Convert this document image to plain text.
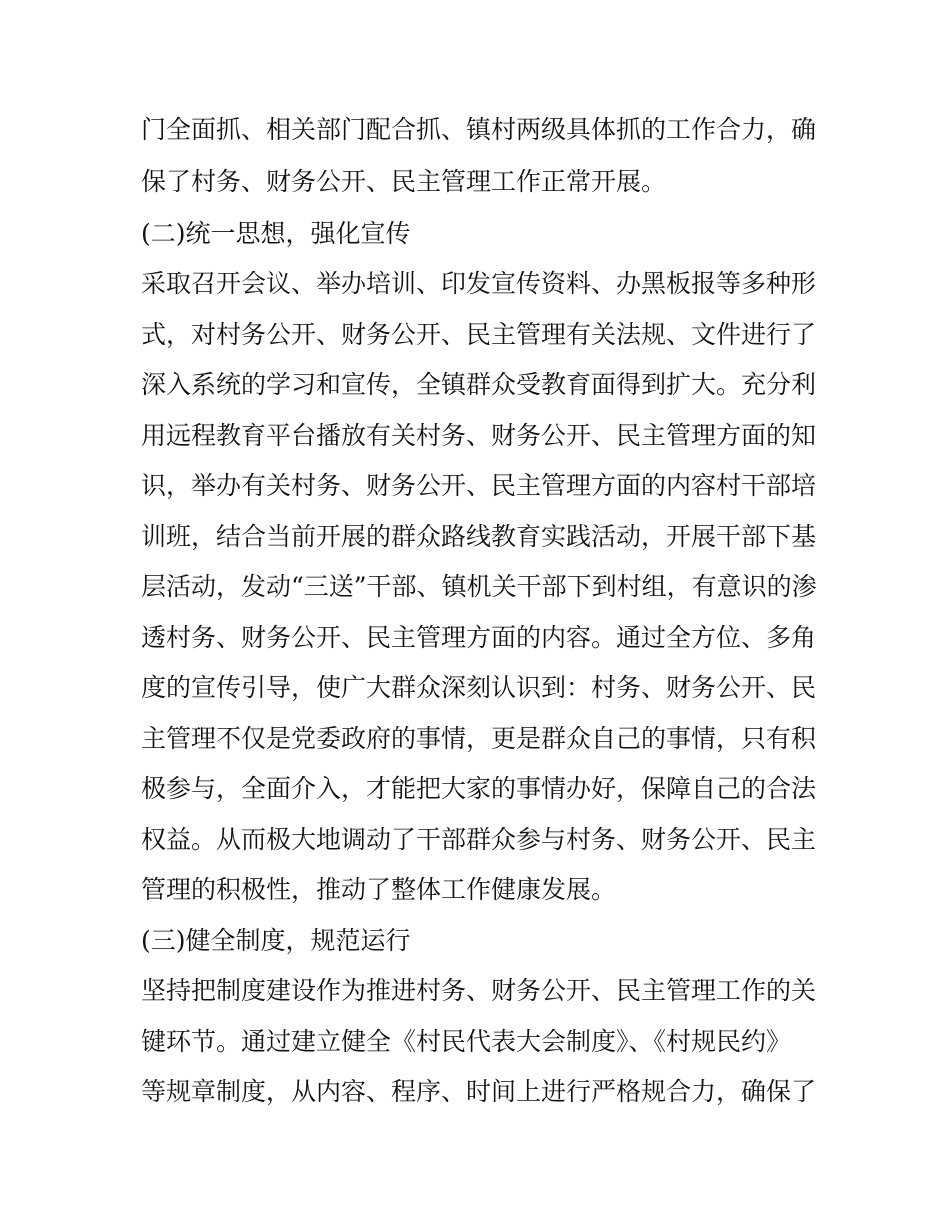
门全面抓、相关部门配合抓、镇村两级具体抓的工作合力，确
保了村务、财务公开、民主管理工作正常开展。
(二)统一思想，强化宣传
采取召开会议、举办培训、印发宣传资料、办黑板报等多种形
式，对村务公开、财务公开、民主管理有关法规、文件进行了
深入系统的学习和宣传，全镇群众受教育面得到扩大。充分利
用远程教育平台播放有关村务、财务公开、民主管理方面的知
识，举办有关村务、财务公开、民主管理方面的内容村干部培
训班，结合当前开展的群众路线教育实践活动，开展干部下基
层活动，发动“三送”干部、镇机关干部下到村组，有意识的渗
透村务、财务公开、民主管理方面的内容。通过全方位、多角
度的宣传引导，使广大群众深刻认识到：村务、财务公开、民
主管理不仅是党委政府的事情，更是群众自己的事情，只有积
极参与，全面介入，才能把大家的事情办好，保障自己的合法
权益。从而极大地调动了干部群众参与村务、财务公开、民主
管理的积极性，推动了整体工作健康发展。
(三)健全制度，规范运行
坚持把制度建设作为推进村务、财务公开、民主管理工作的关
键环节。通过建立健全《村民代表大会制度》、《村规民约》
等规章制度，从内容、程序、时间上进行严格规合力，确保了
